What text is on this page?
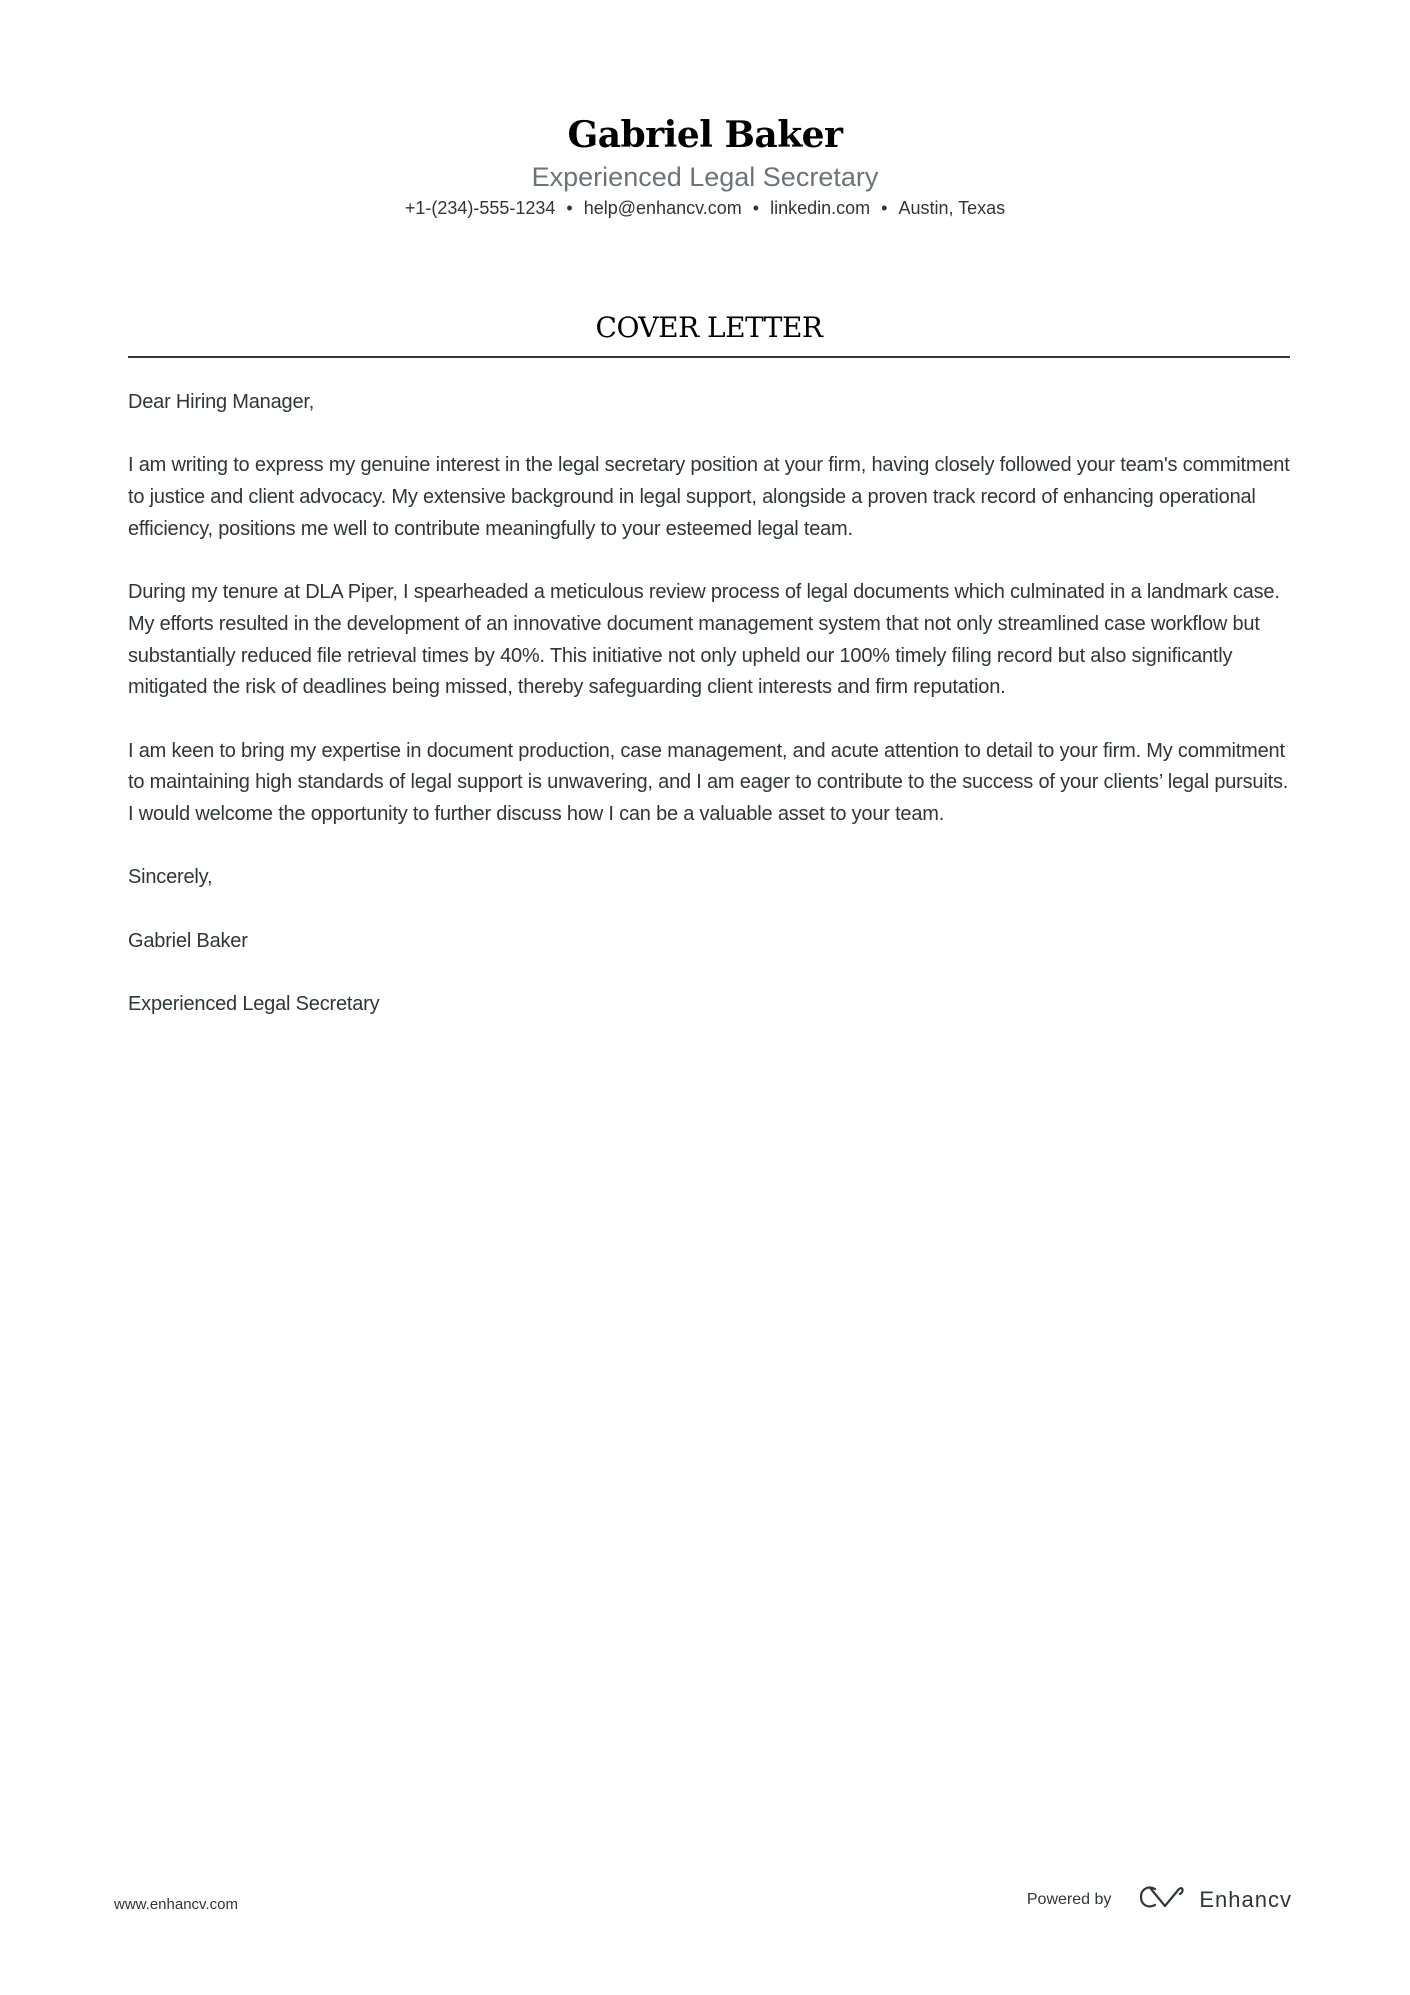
Gabriel Baker
Experienced Legal Secretary
+1-(234)-555-1234 • help@enhancv.com • linkedin.com • Austin, Texas
COVER LETTER

Dear Hiring Manager,

I am writing to express my genuine interest in the legal secretary position at your firm, having closely followed your team's commitment to justice and client advocacy. My extensive background in legal support, alongside a proven track record of enhancing operational efficiency, positions me well to contribute meaningfully to your esteemed legal team.

During my tenure at DLA Piper, I spearheaded a meticulous review process of legal documents which culminated in a landmark case. My efforts resulted in the development of an innovative document management system that not only streamlined case workflow but substantially reduced file retrieval times by 40%. This initiative not only upheld our 100% timely filing record but also significantly mitigated the risk of deadlines being missed, thereby safeguarding client interests and firm reputation.

I am keen to bring my expertise in document production, case management, and acute attention to detail to your firm. My commitment to maintaining high standards of legal support is unwavering, and I am eager to contribute to the success of your clients’ legal pursuits. I would welcome the opportunity to further discuss how I can be a valuable asset to your team.

Sincerely,

Gabriel Baker

Experienced Legal Secretary

www.enhancv.com	Powered by	Enhancv
